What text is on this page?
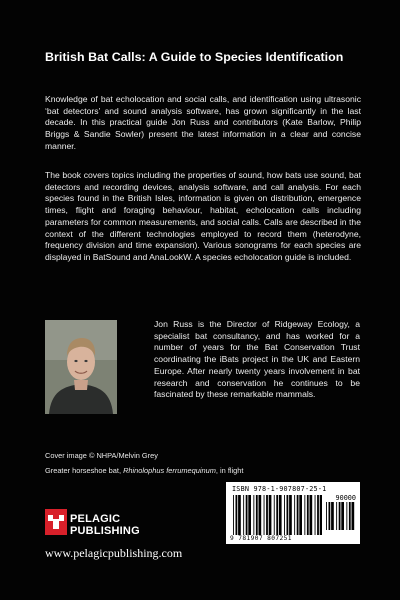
British Bat Calls: A Guide to Species Identification
Knowledge of bat echolocation and social calls, and identification using ultrasonic ‘bat detectors’ and sound analysis software, has grown significantly in the last decade. In this practical guide Jon Russ and contributors (Kate Barlow, Philip Briggs & Sandie Sowler) present the latest information in a clear and concise manner.
The book covers topics including the properties of sound, how bats use sound, bat detectors and recording devices, analysis software, and call analysis. For each species found in the British Isles, information is given on distribution, emergence times, flight and foraging behaviour, habitat, echolocation calls including parameters for common measurements, and social calls. Calls are described in the context of the different technologies employed to record them (heterodyne, frequency division and time expansion). Various sonograms for each species are displayed in BatSound and AnaLookW. A species echolocation guide is included.
Jon Russ is the Director of Ridgeway Ecology, a specialist bat consultancy, and has worked for a number of years for the Bat Conservation Trust coordinating the iBats project in the UK and Eastern Europe. After nearly twenty years involvement in bat research and conservation he continues to be fascinated by these remarkable mammals.
Cover image © NHPA/Melvin Grey
Greater horseshoe bat, Rhinolophus ferrumequinum, in flight
ISBN 978-1-907807-25-1
90000
9 781907 807251
PELAGIC
PUBLISHING
www.pelagicpublishing.com
